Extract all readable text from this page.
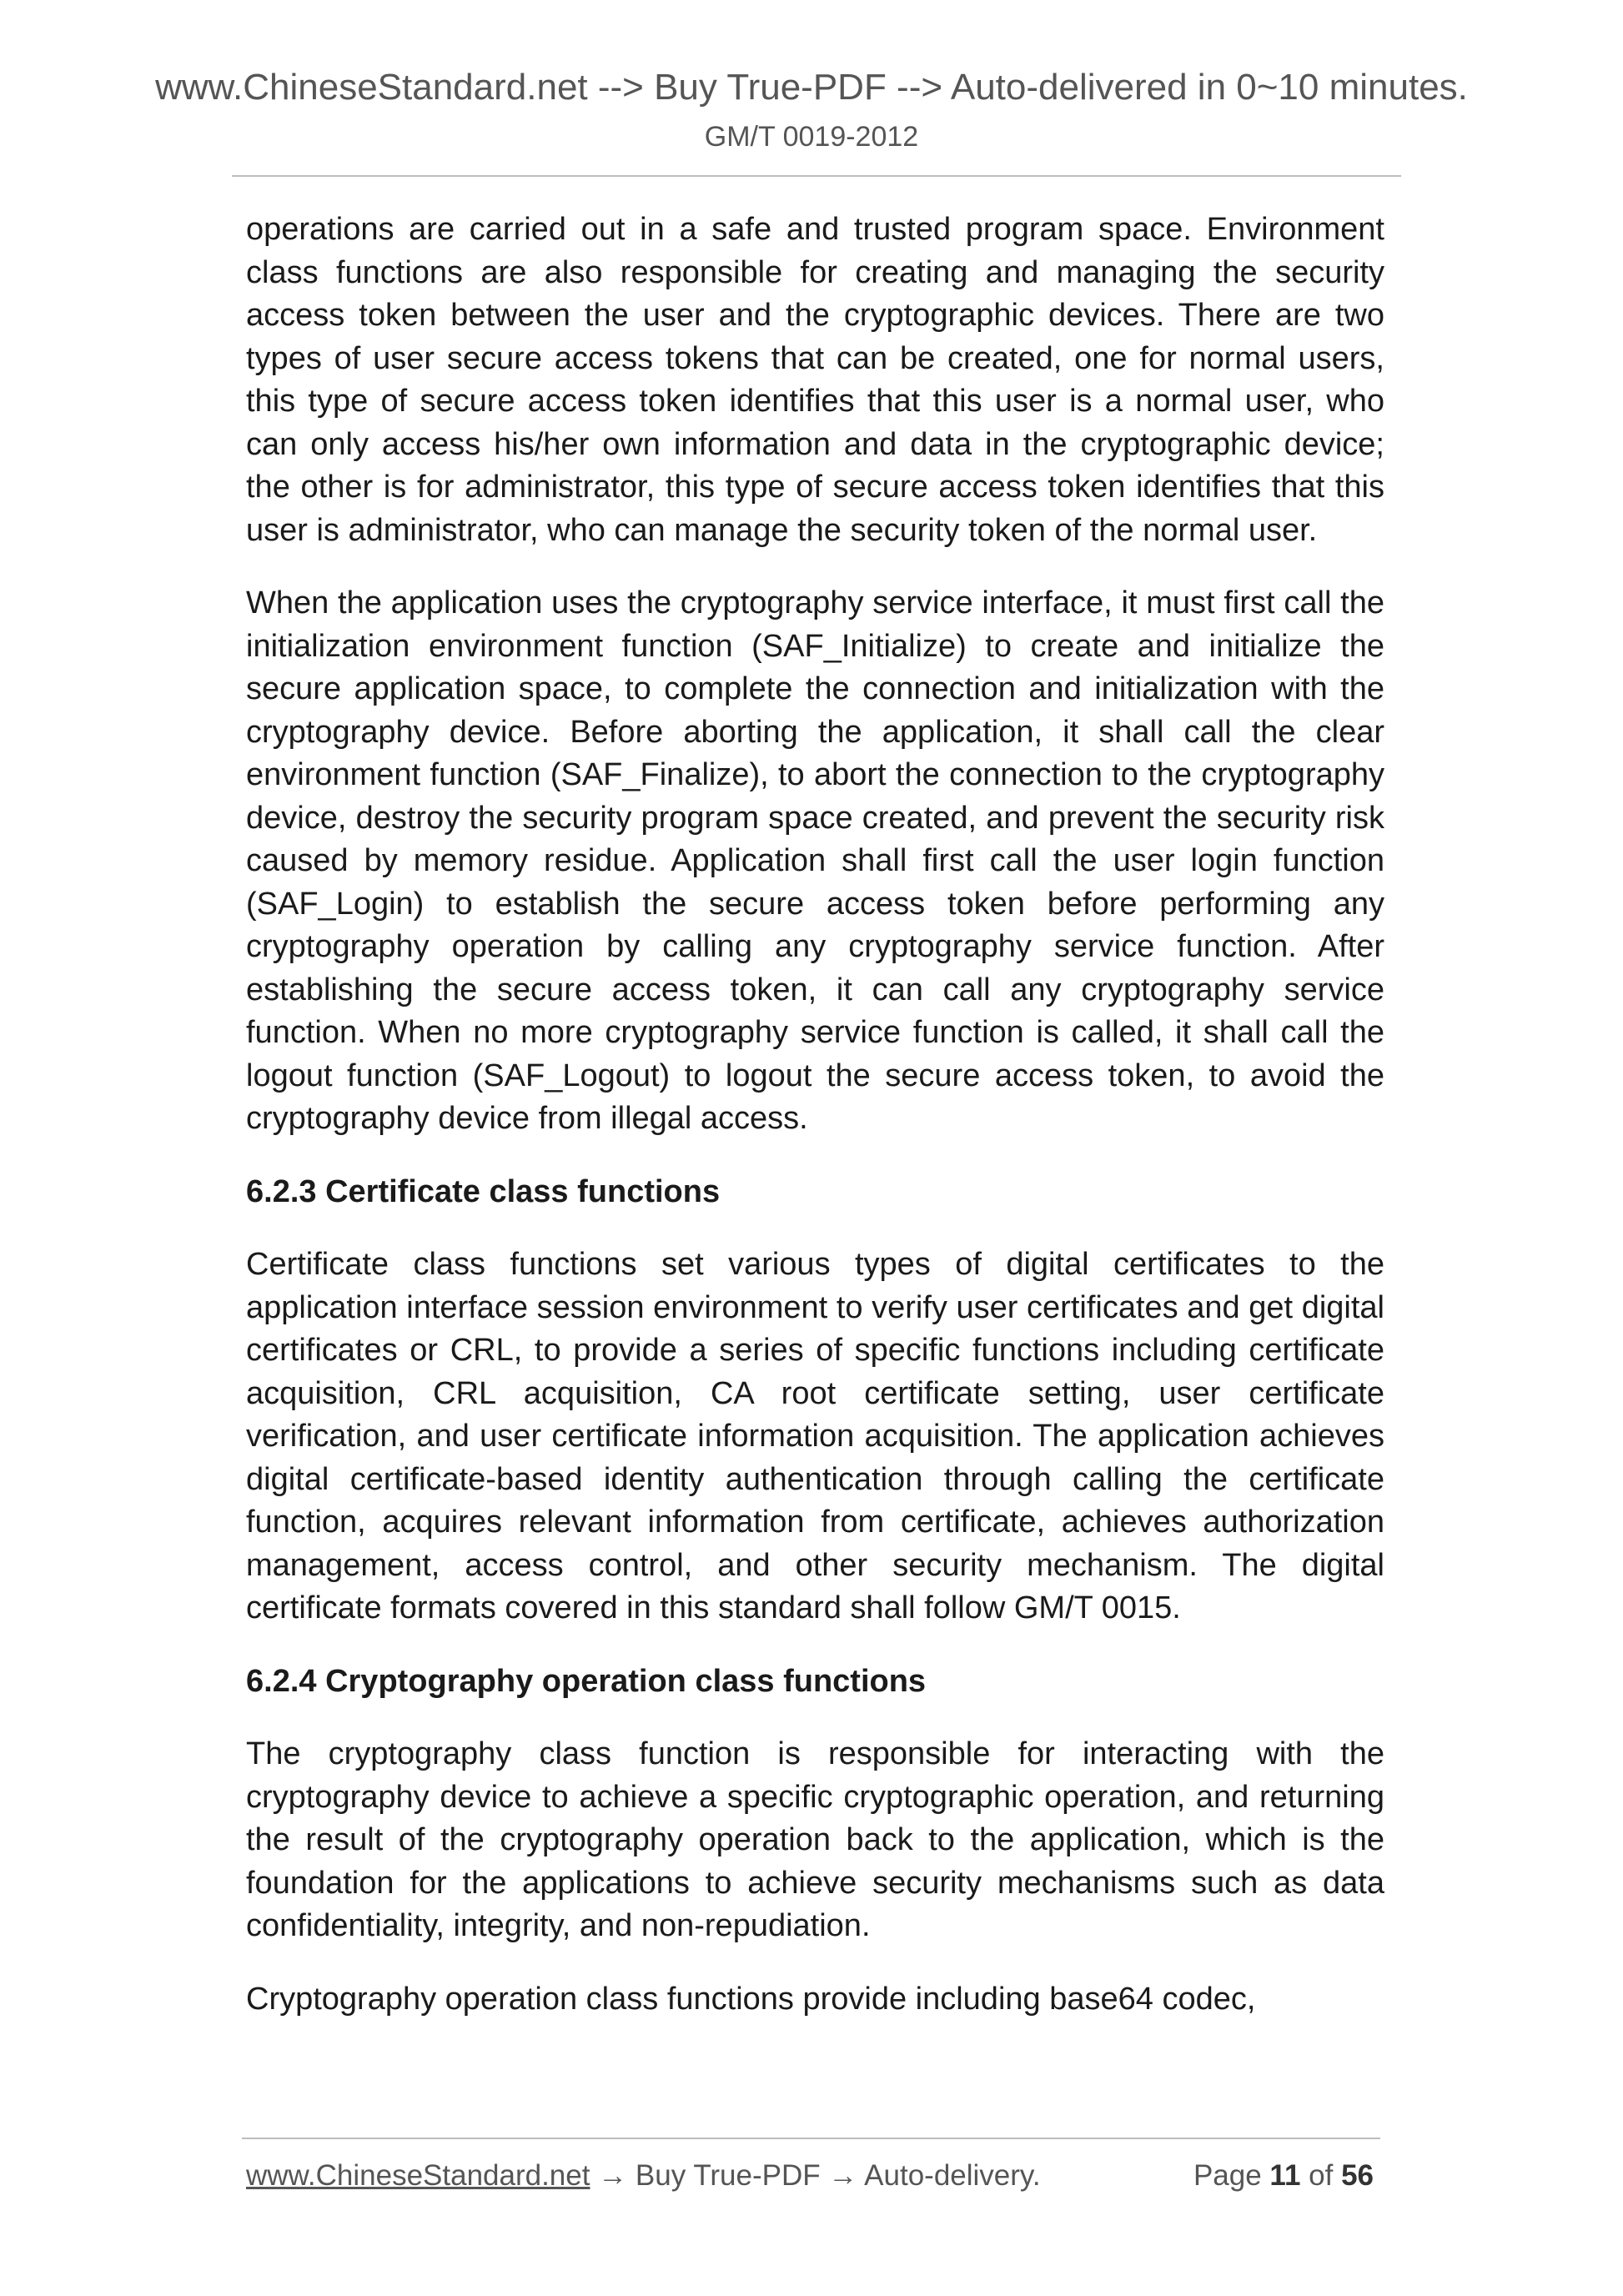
www.ChineseStandard.net --> Buy True-PDF --> Auto-delivered in 0~10 minutes.
GM/T 0019-2012

operations are carried out in a safe and trusted program space. Environment class functions are also responsible for creating and managing the security access token between the user and the cryptographic devices. There are two types of user secure access tokens that can be created, one for normal users, this type of secure access token identifies that this user is a normal user, who can only access his/her own information and data in the cryptographic device; the other is for administrator, this type of secure access token identifies that this user is administrator, who can manage the security token of the normal user.

When the application uses the cryptography service interface, it must first call the initialization environment function (SAF_Initialize) to create and initialize the secure application space, to complete the connection and initialization with the cryptography device. Before aborting the application, it shall call the clear environment function (SAF_Finalize), to abort the connection to the cryptography device, destroy the security program space created, and prevent the security risk caused by memory residue. Application shall first call the user login function (SAF_Login) to establish the secure access token before performing any cryptography operation by calling any cryptography service function. After establishing the secure access token, it can call any cryptography service function. When no more cryptography service function is called, it shall call the logout function (SAF_Logout) to logout the secure access token, to avoid the cryptography device from illegal access.

6.2.3 Certificate class functions

Certificate class functions set various types of digital certificates to the application interface session environment to verify user certificates and get digital certificates or CRL, to provide a series of specific functions including certificate acquisition, CRL acquisition, CA root certificate setting, user certificate verification, and user certificate information acquisition. The application achieves digital certificate-based identity authentication through calling the certificate function, acquires relevant information from certificate, achieves authorization management, access control, and other security mechanism. The digital certificate formats covered in this standard shall follow GM/T 0015.

6.2.4 Cryptography operation class functions

The cryptography class function is responsible for interacting with the cryptography device to achieve a specific cryptographic operation, and returning the result of the cryptography operation back to the application, which is the foundation for the applications to achieve security mechanisms such as data confidentiality, integrity, and non-repudiation.

Cryptography operation class functions provide including base64 codec,

www.ChineseStandard.net → Buy True-PDF → Auto-delivery.	Page 11 of 56
